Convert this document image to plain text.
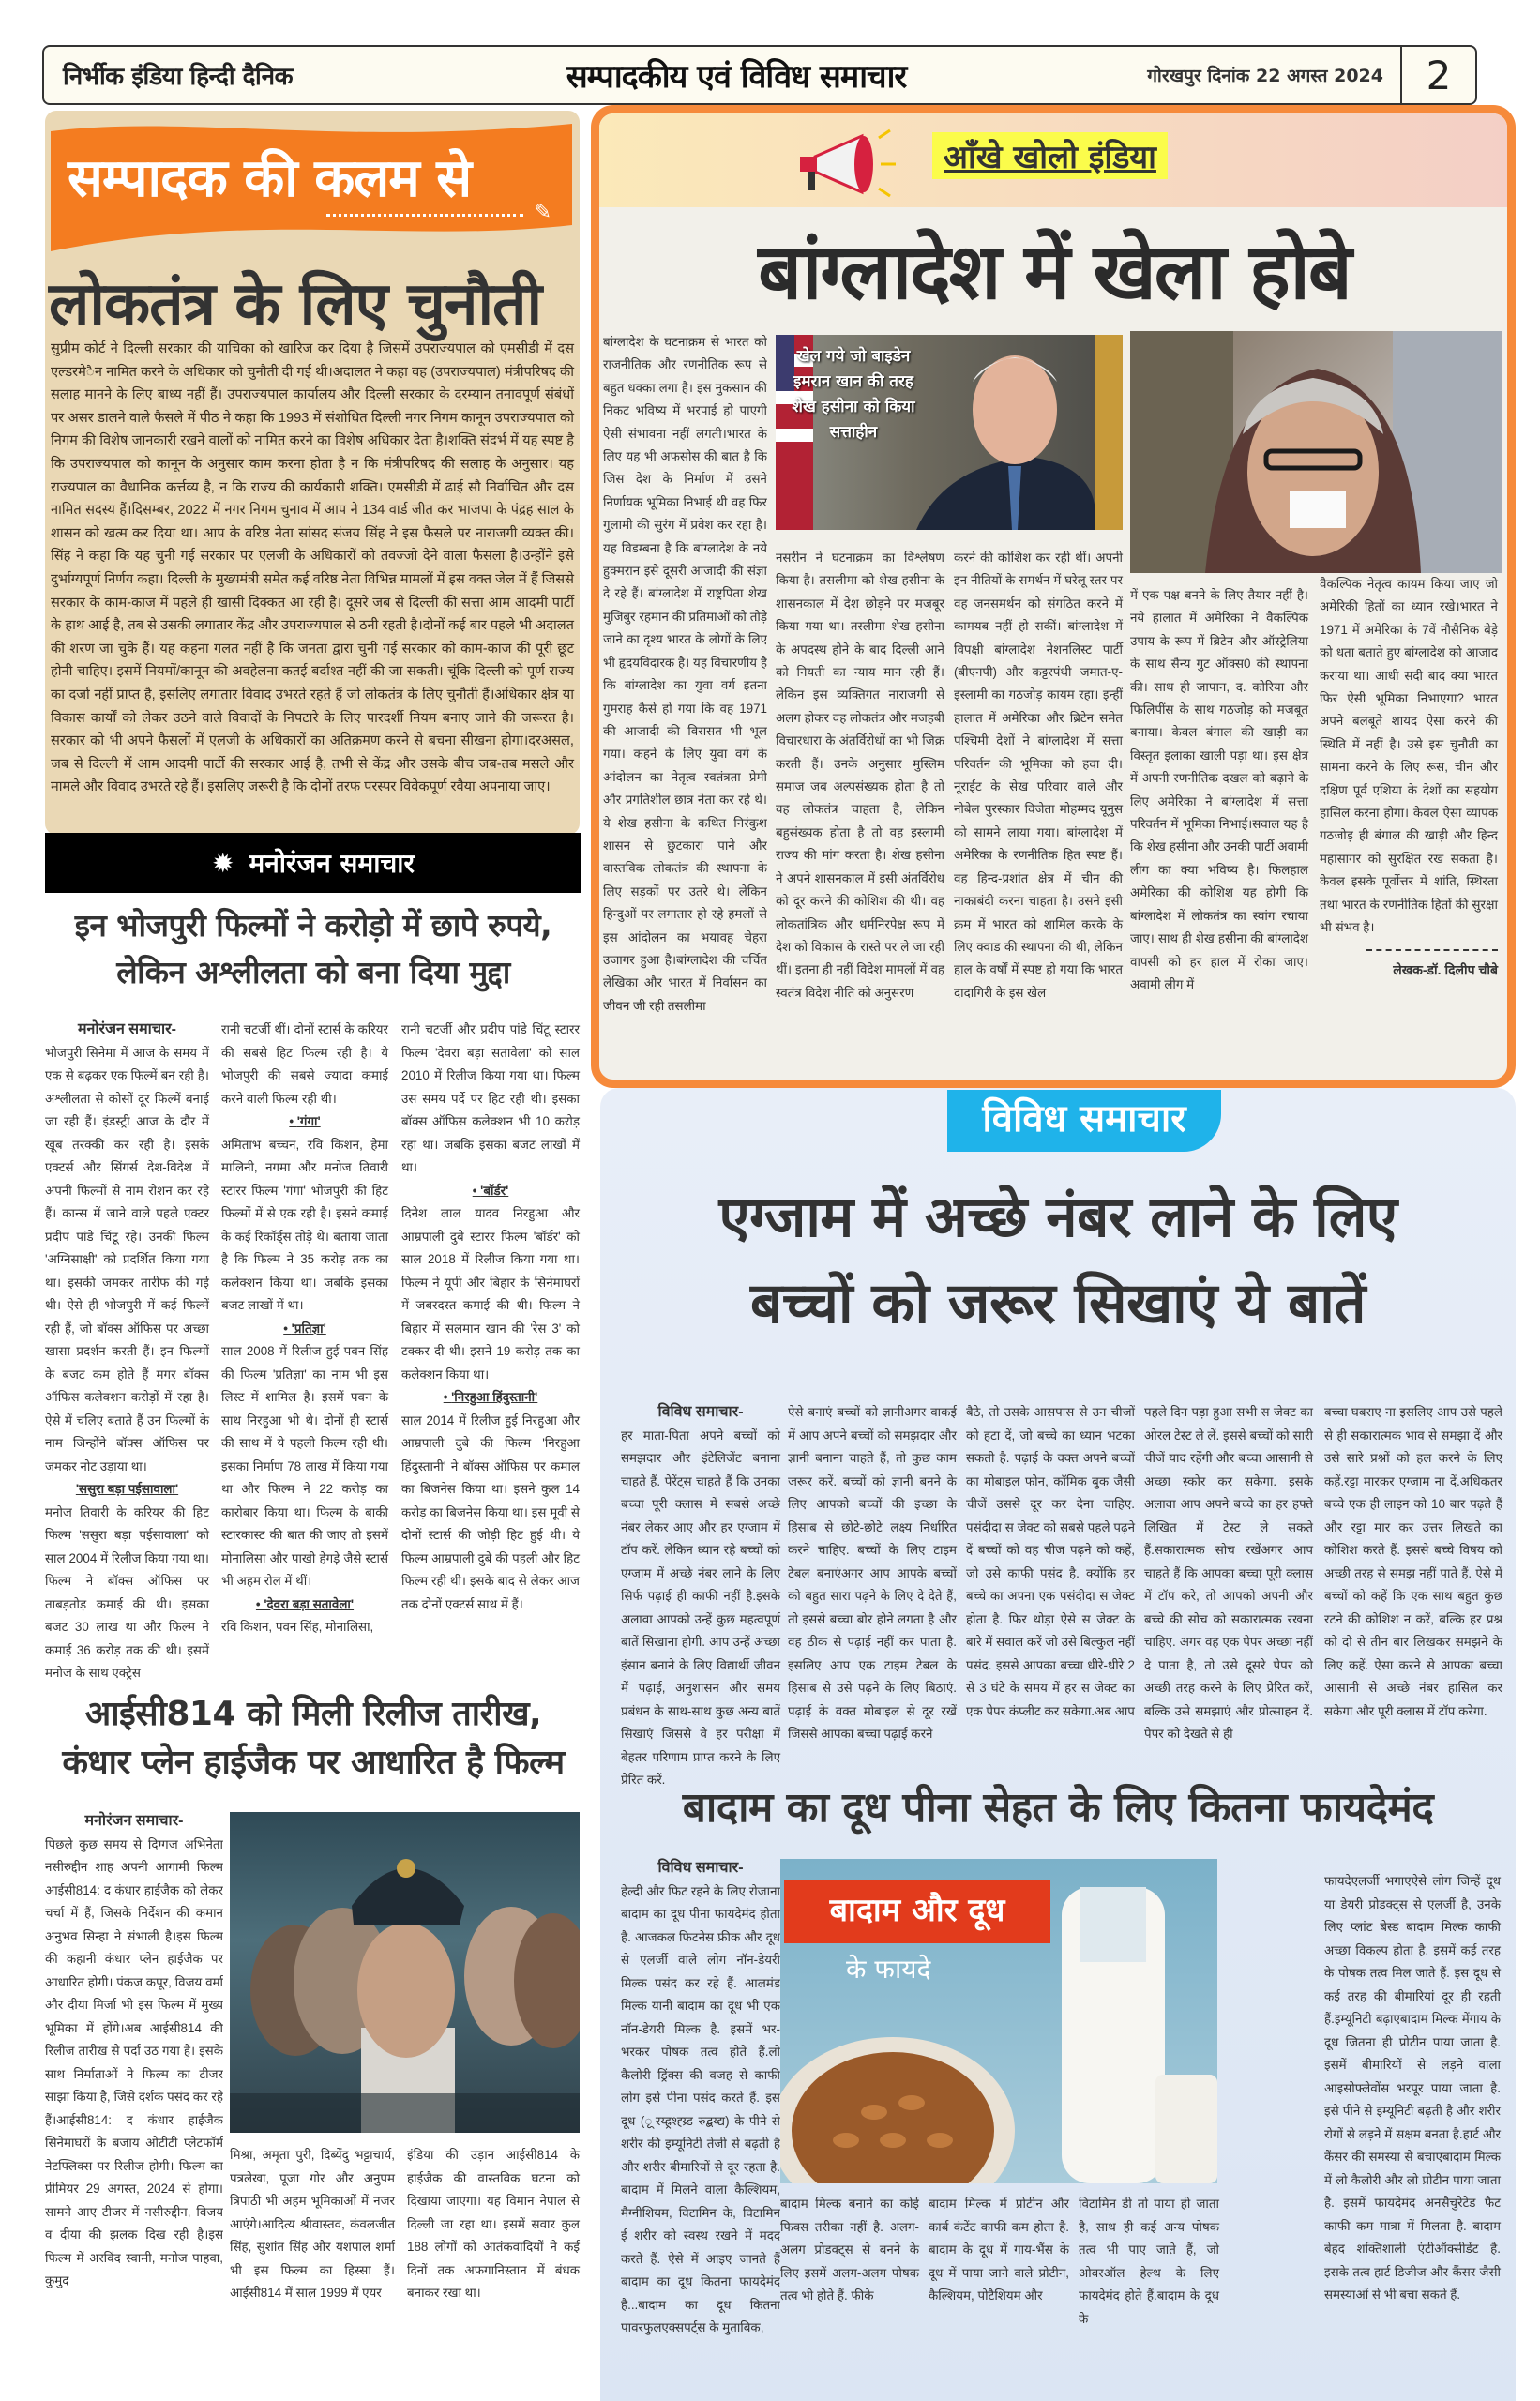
निर्भीक इंडिया हिन्दी दैनिक	सम्पादकीय एवं विविध समाचार	गोरखपुर दिनांक 22 अगस्त 2024	2
सम्पादक की कलम से
✎
लोकतंत्र के लिए चुनौती
सुप्रीम कोर्ट ने दिल्ली सरकार की याचिका को खारिज कर दिया है जिसमें उपराज्यपाल को एमसीडी में दस एल्डरमे◌ैन नामित करने के अधिकार को चुनौती दी गई थी।अदालत ने कहा वह (उपराज्यपाल) मंत्रीपरिषद की सलाह मानने के लिए बाध्य नहीं हैं। उपराज्यपाल कार्यालय और दिल्ली सरकार के दरम्यान तनावपूर्ण संबंधों पर असर डालने वाले फैसले में पीठ ने कहा कि 1993 में संशोधित दिल्ली नगर निगम कानून उपराज्यपाल को निगम की विशेष जानकारी रखने वालों को नामित करने का विशेष अधिकार देता है।शक्ति संदर्भ में यह स्पष्ट है कि उपराज्यपाल को कानून के अनुसार काम करना होता है न कि मंत्रीपरिषद की सलाह के अनुसार। यह राज्यपाल का वैधानिक कर्त्तव्य है, न कि राज्य की कार्यकारी शक्ति। एमसीडी में ढाई सौ निर्वाचित और दस नामित सदस्य हैं।दिसम्बर, 2022 में नगर निगम चुनाव में आप ने 134 वार्ड जीत कर भाजपा के पंद्रह साल के शासन को खत्म कर दिया था। आप के वरिष्ठ नेता सांसद संजय सिंह ने इस फैसले पर नाराजगी व्यक्त की। सिंह ने कहा कि यह चुनी गई सरकार पर एलजी के अधिकारों को तवज्जो देने वाला फैसला है।उन्होंने इसे दुर्भाग्यपूर्ण निर्णय कहा। दिल्ली के मुख्यमंत्री समेत कई वरिष्ठ नेता विभिन्न मामलों में इस वक्त जेल में हैं जिससे सरकार के काम-काज में पहले ही खासी दिक्कत आ रही है। दूसरे जब से दिल्ली की सत्ता आम आदमी पार्टी के हाथ आई है, तब से उसकी लगातार केंद्र और उपराज्यपाल से ठनी रहती है।दोनों कई बार पहले भी अदालत की शरण जा चुके हैं। यह कहना गलत नहीं है कि जनता द्वारा चुनी गई सरकार को काम-काज की पूरी छूट होनी चाहिए। इसमें नियमों/कानून की अवहेलना कतई बर्दाश्त नहीं की जा सकती। चूंकि दिल्ली को पूर्ण राज्य का दर्जा नहीं प्राप्त है, इसलिए लगातार विवाद उभरते रहते हैं जो लोकतंत्र के लिए चुनौती हैं।अधिकार क्षेत्र या विकास कार्यों को लेकर उठने वाले विवादों के निपटारे के लिए पारदर्शी नियम बनाए जाने की जरूरत है। सरकार को भी अपने फैसलों में एलजी के अधिकारों का अतिक्रमण करने से बचना सीखना होगा।दरअसल, जब से दिल्ली में आम आदमी पार्टी की सरकार आई है, तभी से केंद्र और उसके बीच जब-तब मसले और मामले और विवाद उभरते रहे हैं। इसलिए जरूरी है कि दोनों तरफ परस्पर विवेकपूर्ण रवैया अपनाया जाए।
✹ मनोरंजन समाचार
इन भोजपुरी फिल्मों ने करोड़ो में छापे रुपये,
लेकिन अश्लीलता को बना दिया मुद्दा
मनोरंजन समाचार-
भोजपुरी सिनेमा में आज के समय में एक से बढ़कर एक फिल्में बन रही है। अश्लीलता से कोसों दूर फिल्में बनाई जा रही हैं। इंडस्ट्री आज के दौर में खूब तरक्की कर रही है। इसके एक्टर्स और सिंगर्स देश-विदेश में अपनी फिल्मों से नाम रोशन कर रहे हैं। कान्स में जाने वाले पहले एक्टर प्रदीप पांडे चिंटू रहे। उनकी फिल्म 'अग्निसाक्षी' को प्रदर्शित किया गया था। इसकी जमकर तारीफ की गई थी। ऐसे ही भोजपुरी में कई फिल्में रही हैं, जो बॉक्स ऑफिस पर अच्छा खासा प्रदर्शन करती हैं। इन फिल्मों के बजट कम होते हैं मगर बॉक्स ऑफिस कलेक्शन करोड़ों में रहा है। ऐसे में चलिए बताते हैं उन फिल्मों के नाम जिन्होंने बॉक्स ऑफिस पर जमकर नोट उड़ाया था।
'ससुरा बड़ा पईसावाला'
मनोज तिवारी के करियर की हिट फिल्म 'ससुरा बड़ा पईसावाला' को साल 2004 में रिलीज किया गया था। फिल्म ने बॉक्स ऑफिस पर ताबड़तोड़ कमाई की थी। इसका बजट 30 लाख था और फिल्म ने कमाई 36 करोड़ तक की थी। इसमें मनोज के साथ एक्ट्रेस
रानी चटर्जी थीं। दोनों स्टार्स के करियर की सबसे हिट फिल्म रही है। ये भोजपुरी की सबसे ज्यादा कमाई करने वाली फिल्म रही थी।
• 'गंगा'
अमिताभ बच्चन, रवि किशन, हेमा मालिनी, नगमा और मनोज तिवारी स्टारर फिल्म 'गंगा' भोजपुरी की हिट फिल्मों में से एक रही है। इसने कमाई के कई रिकॉर्ड्स तोड़े थे। बताया जाता है कि फिल्म ने 35 करोड़ तक का कलेक्शन किया था। जबकि इसका बजट लाखों में था।
• 'प्रतिज्ञा'
साल 2008 में रिलीज हुई पवन सिंह की फिल्म 'प्रतिज्ञा' का नाम भी इस लिस्ट में शामिल है। इसमें पवन के साथ निरहुआ भी थे। दोनों ही स्टार्स की साथ में ये पहली फिल्म रही थी। इसका निर्माण 78 लाख में किया गया था और फिल्म ने 22 करोड़ का कारोबार किया था। फिल्म के बाकी स्टारकास्ट की बात की जाए तो इसमें मोनालिसा और पाखी हेगड़े जैसे स्टार्स भी अहम रोल में थीं।
• 'देवरा बड़ा सतावेला'
रवि किशन, पवन सिंह, मोनालिसा,
रानी चटर्जी और प्रदीप पांडे चिंटू स्टारर फिल्म 'देवरा बड़ा सतावेला' को साल 2010 में रिलीज किया गया था। फिल्म उस समय पर्दे पर हिट रही थी। इसका बॉक्स ऑफिस कलेक्शन भी 10 करोड़ रहा था। जबकि इसका बजट लाखों में था।
• 'बॉर्डर'
दिनेश लाल यादव निरहुआ और आम्रपाली दुबे स्टारर फिल्म 'बॉर्डर' को साल 2018 में रिलीज किया गया था। फिल्म ने यूपी और बिहार के सिनेमाघरों में जबरदस्त कमाई की थी। फिल्म ने बिहार में सलमान खान की 'रेस 3' को टक्कर दी थी। इसने 19 करोड़ तक का कलेक्शन किया था।
• 'निरहुआ हिंदुस्तानी'
साल 2014 में रिलीज हुई निरहुआ और आम्रपाली दुबे की फिल्म 'निरहुआ हिंदुस्तानी' ने बॉक्स ऑफिस पर कमाल का बिजनेस किया था। इसने कुल 14 करोड़ का बिजनेस किया था। इस मूवी से दोनों स्टार्स की जोड़ी हिट हुई थी। ये फिल्म आम्रपाली दुबे की पहली और हिट फिल्म रही थी। इसके बाद से लेकर आज तक दोनों एक्टर्स साथ में हैं।
आईसी814 को मिली रिलीज तारीख,
कंधार प्लेन हाईजैक पर आधारित है फिल्म
मनोरंजन समाचार-
पिछले कुछ समय से दिग्गज अभिनेता नसीरुद्दीन शाह अपनी आगामी फिल्म आईसी814: द कंधार हाईजैक को लेकर चर्चा में हैं, जिसके निर्देशन की कमान अनुभव सिन्हा ने संभाली है।इस फिल्म की कहानी कंधार प्लेन हाईजैक पर आधारित होगी। पंकज कपूर, विजय वर्मा और दीया मिर्जा भी इस फिल्म में मुख्य भूमिका में होंगे।अब आईसी814 की रिलीज तारीख से पर्दा उठ गया है। इसके साथ निर्माताओं ने फिल्म का टीजर साझा किया है, जिसे दर्शक पसंद कर रहे हैं।आईसी814: द कंधार हाईजैक सिनेमाघरों के बजाय ओटीटी प्लेटफॉर्म नेटफ्लिक्स पर रिलीज होगी। फिल्म का प्रीमियर 29 अगस्त, 2024 से होगा।सामने आए टीजर में नसीरुद्दीन, विजय व दीया की झलक दिख रही है।इस फिल्म में अरविंद स्वामी, मनोज पाहवा, कुमुद
मिश्रा, अमृता पुरी, दिब्येंदु भट्टाचार्य, पत्रलेखा, पूजा गोर और अनुपम त्रिपाठी भी अहम भूमिकाओं में नजर आएंगे।आदित्य श्रीवास्तव, कंवलजीत सिंह, सुशांत सिंह और यशपाल शर्मा भी इस फिल्म का हिस्सा हैं।आईसी814 में साल 1999 में एयर
इंडिया की उड़ान आईसी814 के हाईजैक की वास्तविक घटना को दिखाया जाएगा। यह विमान नेपाल से दिल्ली जा रहा था। इसमें सवार कुल 188 लोगों को आतंकवादियों ने कई दिनों तक अफगानिस्तान में बंधक बनाकर रखा था।
आँखे खोलो इंडिया
बांग्लादेश में खेला होबे
बांग्लादेश के घटनाक्रम से भारत को राजनीतिक और रणनीतिक रूप से बहुत धक्का लगा है। इस नुकसान की निकट भविष्य में भरपाई हो पाएगी ऐसी संभावना नहीं लगती।भारत के लिए यह भी अफसोस की बात है कि जिस देश के निर्माण में उसने निर्णायक भूमिका निभाई थी वह फिर गुलामी की सुरंग में प्रवेश कर रहा है। यह विडम्बना है कि बांग्लादेश के नये हुक्मरान इसे दूसरी आजादी की संज्ञा दे रहे हैं। बांग्लादेश में राष्ट्रपिता शेख मुजिबुर रहमान की प्रतिमाओं को तोड़े जाने का दृश्य भारत के लोगों के लिए भी हृदयविदारक है। यह विचारणीय है कि बांग्लादेश का युवा वर्ग इतना गुमराह कैसे हो गया कि वह 1971 की आजादी की विरासत भी भूल गया। कहने के लिए युवा वर्ग के आंदोलन का नेतृत्व स्वतंत्रता प्रेमी और प्रगतिशील छात्र नेता कर रहे थे। ये शेख हसीना के कथित निरंकुश शासन से छुटकारा पाने और वास्तविक लोकतंत्र की स्थापना के लिए सड़कों पर उतरे थे। लेकिन हिन्दुओं पर लगातार हो रहे हमलों से इस आंदोलन का भयावह चेहरा उजागर हुआ है।बांग्लादेश की चर्चित लेखिका और भारत में निर्वासन का जीवन जी रही तसलीमा
खेल गये जो बाइडेन इमरान खान की तरह शेख हसीना को किया सत्ताहीन
नसरीन ने घटनाक्रम का विश्लेषण किया है। तसलीमा को शेख हसीना के शासनकाल में देश छोड़ने पर मजबूर किया गया था। तस्लीमा शेख हसीना के अपदस्थ होने के बाद दिल्ली आने को नियती का न्याय मान रही हैं। लेकिन इस व्यक्तिगत नाराजगी से अलग होकर वह लोकतंत्र और मजहबी विचारधारा के अंतर्विरोधों का भी जिक्र करती हैं। उनके अनुसार मुस्लिम समाज जब अल्पसंख्यक होता है तो वह लोकतंत्र चाहता है, लेकिन बहुसंख्यक होता है तो वह इस्लामी राज्य की मांग करता है। शेख हसीना ने अपने शासनकाल में इसी अंतर्विरोध को दूर करने की कोशिश की थी। वह लोकतांत्रिक और धर्मनिरपेक्ष रूप में देश को विकास के रास्ते पर ले जा रही थीं। इतना ही नहीं विदेश मामलों में वह स्वतंत्र विदेश नीति को अनुसरण
करने की कोशिश कर रही थीं। अपनी इन नीतियों के समर्थन में घरेलू स्तर पर वह जनसमर्थन को संगठित करने में कामयब नहीं हो सकीं। बांग्लादेश में विपक्षी बांग्लादेश नेशनलिस्ट पार्टी (बीएनपी) और कट्टरपंथी जमात-ए-इस्लामी का गठजोड़ कायम रहा। इन्हीं हालात में अमेरिका और ब्रिटेन समेत पश्चिमी देशों ने बांग्लादेश में सत्ता परिवर्तन की भूमिका को हवा दी। नूराईट के सेख परिवार वाले और नोबेल पुरस्कार विजेता मोहम्मद यूनुस को सामने लाया गया। बांग्लादेश में अमेरिका के रणनीतिक हित स्पष्ट हैं।वह हिन्द-प्रशांत क्षेत्र में चीन की नाकाबंदी करना चाहता है। उसने इसी क्रम में भारत को शामिल करके के लिए क्वाड की स्थापना की थी, लेकिन हाल के वर्षों में स्पष्ट हो गया कि भारत दादागिरी के इस खेल
में एक पक्ष बनने के लिए तैयार नहीं है। नये हालात में अमेरिका ने वैकल्पिक उपाय के रूप में ब्रिटेन और ऑस्ट्रेलिया के साथ सैन्य गुट ऑक्स0 की स्थापना की। साथ ही जापान, द. कोरिया और फिलिपींस के साथ गठजोड़ को मजबूत बनाया। केवल बंगाल की खाड़ी का विस्तृत इलाका खाली पड़ा था। इस क्षेत्र में अपनी रणनीतिक दखल को बढ़ाने के लिए अमेरिका ने बांग्लादेश में सत्ता परिवर्तन में भूमिका निभाई।सवाल यह है कि शेख हसीना और उनकी पार्टी अवामी लीग का क्या भविष्य है। फिलहाल अमेरिका की कोशिश यह होगी कि बांग्लादेश में लोकतंत्र का स्वांग रचाया जाए। साथ ही शेख हसीना की बांग्लादेश वापसी को हर हाल में रोका जाए। अवामी लीग में
वैकल्पिक नेतृत्व कायम किया जाए जो अमेरिकी हितों का ध्यान रखे।भारत ने 1971 में अमेरिका के 7वें नौसैनिक बेड़े को धता बताते हुए बांग्लादेश को आजाद कराया था। आधी सदी बाद क्या भारत फिर ऐसी भूमिका निभाएगा? भारत अपने बलबूते शायद ऐसा करने की स्थिति में नहीं है। उसे इस चुनौती का सामना करने के लिए रूस, चीन और दक्षिण पूर्व एशिया के देशों का सहयोग हासिल करना होगा। केवल ऐसा व्यापक गठजोड़ ही बंगाल की खाड़ी और हिन्द महासागर को सुरक्षित रख सकता है। केवल इसके पूर्वोत्तर में शांति, स्थिरता तथा भारत के रणनीतिक हितों की सुरक्षा भी संभव है।
लेखक-डॉ. दिलीप चौबे
विविध समाचार
एग्जाम में अच्छे नंबर लाने के लिए
बच्चों को जरूर सिखाएं ये बातें
विविध समाचार-
हर माता-पिता अपने बच्चों को समझदार और इंटेलिजेंट बनाना चाहते हैं. पेरेंट्स चाहते हैं कि उनका बच्चा पूरी क्लास में सबसे अच्छे नंबर लेकर आए और हर एग्जाम में टॉप करें. लेकिन ध्यान रहे बच्चों को एग्जाम में अच्छे नंबर लाने के लिए सिर्फ पढ़ाई ही काफी नहीं है.इसके अलावा आपको उन्हें कुछ महत्वपूर्ण बातें सिखाना होगी. आप उन्हें अच्छा इंसान बनाने के लिए विद्यार्थी जीवन में पढ़ाई, अनुशासन और समय प्रबंधन के साथ-साथ कुछ अन्य बातें सिखाएं जिससे वे हर परीक्षा में बेहतर परिणाम प्राप्त करने के लिए प्रेरित करें.
ऐसे बनाएं बच्चों को ज्ञानीअगर वाकई में आप अपने बच्चों को समझदार और ज्ञानी बनाना चाहते हैं, तो कुछ काम जरूर करें. बच्चों को ज्ञानी बनने के लिए आपको बच्चों की इच्छा के हिसाब से छोटे-छोटे लक्ष्य निर्धारित करने चाहिए. बच्चों के लिए टाइम टेबल बनाएंअगर आप आपके बच्चों को बहुत सारा पढ़ने के लिए दे देते हैं, तो इससे बच्चा बोर होने लगता है और वह ठीक से पढ़ाई नहीं कर पाता है. इसलिए आप एक टाइम टेबल के हिसाब से उसे पढ़ने के लिए बिठाएं. पढ़ाई के वक्त मोबाइल से दूर रखें जिससे आपका बच्चा पढ़ाई करने
बैठे, तो उसके आसपास से उन चीजों को हटा दें, जो बच्चे का ध्यान भटका सकती है. पढ़ाई के वक्त अपने बच्चों का मोबाइल फोन, कॉमिक बुक जैसी चीजें उससे दूर कर देना चाहिए. पसंदीदा स जेक्ट को सबसे पहले पढ़ने दें बच्चों को वह चीज पढ़ने को कहें, जो उसे काफी पसंद है. क्योंकि हर बच्चे का अपना एक पसंदीदा स जेक्ट होता है. फिर थोड़ा ऐसे स जेक्ट के बारे में सवाल करें जो उसे बिल्कुल नहीं पसंद. इससे आपका बच्चा धीरे-धीरे 2 से 3 घंटे के समय में हर स जेक्ट का एक पेपर कंप्लीट कर सकेगा.अब आप
पहले दिन पड़ा हुआ सभी स जेक्ट का ओरल टेस्ट ले लें. इससे बच्चों को सारी चीजें याद रहेंगी और बच्चा आसानी से अच्छा स्कोर कर सकेगा. इसके अलावा आप अपने बच्चे का हर हफ्ते लिखित में टेस्ट ले सकते हैं.सकारात्मक सोच रखेंअगर आप चाहते हैं कि आपका बच्चा पूरी क्लास में टॉप करे, तो आपको अपनी और बच्चे की सोच को सकारात्मक रखना चाहिए. अगर वह एक पेपर अच्छा नहीं दे पाता है, तो उसे दूसरे पेपर को अच्छी तरह करने के लिए प्रेरित करें, बल्कि उसे समझाएं और प्रोत्साहन दें. पेपर को देखते से ही
बच्चा घबराए ना इसलिए आप उसे पहले से ही सकारात्मक भाव से समझा दें और उसे सारे प्रश्नों को हल करने के लिए कहें.रट्टा मारकर एग्जाम ना दें.अधिकतर बच्चे एक ही लाइन को 10 बार पढ़ते हैं और रट्टा मार कर उत्तर लिखते का कोशिश करते हैं. इससे बच्चे विषय को अच्छी तरह से समझ नहीं पाते हैं. ऐसे में बच्चों को कहें कि एक साथ बहुत कुछ रटने की कोशिश न करें, बल्कि हर प्रश्न को दो से तीन बार लिखकर समझने के लिए कहें. ऐसा करने से आपका बच्चा आसानी से अच्छे नंबर हासिल कर सकेगा और पूरी क्लास में टॉप करेगा.
बादाम का दूध पीना सेहत के लिए कितना फायदेमंद
विविध समाचार-
हेल्दी और फिट रहने के लिए रोजाना बादाम का दूध पीना फायदेमंद होता है. आजकल फिटनेस फ्रीक और दूध से एलर्जी वाले लोग नॉन-डेयरी मिल्क पसंद कर रहे हैं. आलमंड मिल्क यानी बादाम का दूध भी एक नॉन-डेयरी मिल्क है. इसमें भर-भरकर पोषक तत्व होते हैं.लो कैलोरी ड्रिंक्स की वजह से काफी लोग इसे पीना पसंद करते हैं. इस दूध (◌ृ्रय्ह्र्रश्ह्य्र्ड रुद्बय्द्य) के पीने से शरीर की इम्यूनिटी तेजी से बढ़ती है और शरीर बीमारियों से दूर रहता है. बादाम में मिलने वाला कैल्शियम, मैग्नीशियम, विटामिन के, विटामिन ई शरीर को स्वस्थ रखने में मदद करते हैं. ऐसे में आइए जानते हैं बादाम का दूध कितना फायदेमंद है...बादाम का दूध कितना पावरफुलएक्सपर्ट्स के मुताबिक,
बादाम और दूध
के फायदे
बादाम मिल्क बनाने का कोई फिक्स तरीका नहीं है. अलग-अलग प्रोडक्ट्स से बनने के लिए इसमें अलग-अलग पोषक तत्व भी होते हैं. फीके
बादाम मिल्क में प्रोटीन और कार्ब कंटेंट काफी कम होता है. बादाम के दूध में गाय-भैंस के दूध में पाया जाने वाले प्रोटीन, कैल्शियम, पोटैशियम और
विटामिन डी तो पाया ही जाता है, साथ ही कई अन्य पोषक तत्व भी पाए जाते हैं, जो ओवरऑल हेल्थ के लिए फायदेमंद होते हैं.बादाम के दूध के
फायदेएलर्जी भगाएऐसे लोग जिन्हें दूध या डेयरी प्रोडक्ट्स से एलर्जी है, उनके लिए प्लांट बेस्ड बादाम मिल्क काफी अच्छा विकल्प होता है. इसमें कई तरह के पोषक तत्व मिल जाते हैं. इस दूध से कई तरह की बीमारियां दूर ही रहती हैं.इम्यूनिटी बढ़ाएबादाम मिल्क मेंगाय के दूध जितना ही प्रोटीन पाया जाता है. इसमें बीमारियों से लड़ने वाला आइसोफ्लेवोंस भरपूर पाया जाता है. इसे पीने से इम्यूनिटी बढ़ती है और शरीर रोगों से लड़ने में सक्षम बनता है.हार्ट और कैंसर की समस्या से बचाएबादाम मिल्क में लो कैलोरी और लो प्रोटीन पाया जाता है. इसमें फायदेमंद अनसैचुरेटेड फैट काफी कम मात्रा में मिलता है. बादाम बेहद शक्तिशाली एंटीऑक्सीडेंट है. इसके तत्व हार्ट डिजीज और कैंसर जैसी समस्याओं से भी बचा सकते हैं.
